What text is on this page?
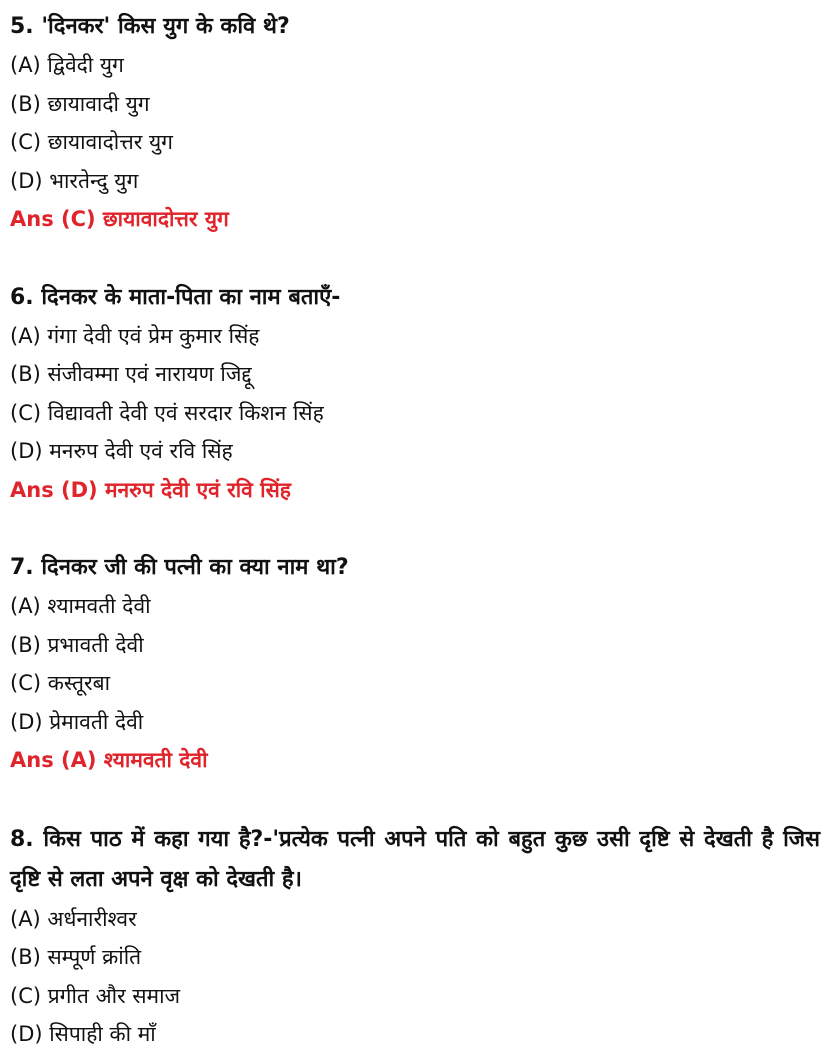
5. 'दिनकर' किस युग के कवि थे?

(A) द्विवेदी युग

(B) छायावादी युग

(C) छायावादोत्तर युग

(D) भारतेन्दु युग

Ans (C) छायावादोत्तर युग

6. दिनकर के माता-पिता का नाम बताएँ-

(A) गंगा देवी एवं प्रेम कुमार सिंह

(B) संजीवम्मा एवं नारायण जिद्दू

(C) विद्यावती देवी एवं सरदार किशन सिंह

(D) मनरुप देवी एवं रवि सिंह

Ans (D) मनरुप देवी एवं रवि सिंह

7. दिनकर जी की पत्नी का क्या नाम था?

(A) श्यामवती देवी

(B) प्रभावती देवी

(C) कस्तूरबा

(D) प्रेमावती देवी

Ans (A) श्यामवती देवी

8. किस पाठ में कहा गया है?-'प्रत्येक पत्नी अपने पति को बहुत कुछ उसी दृष्टि से देखती है जिस दृष्टि से लता अपने वृक्ष को देखती है।

(A) अर्धनारीश्वर

(B) सम्पूर्ण क्रांति

(C) प्रगीत और समाज

(D) सिपाही की माँ
